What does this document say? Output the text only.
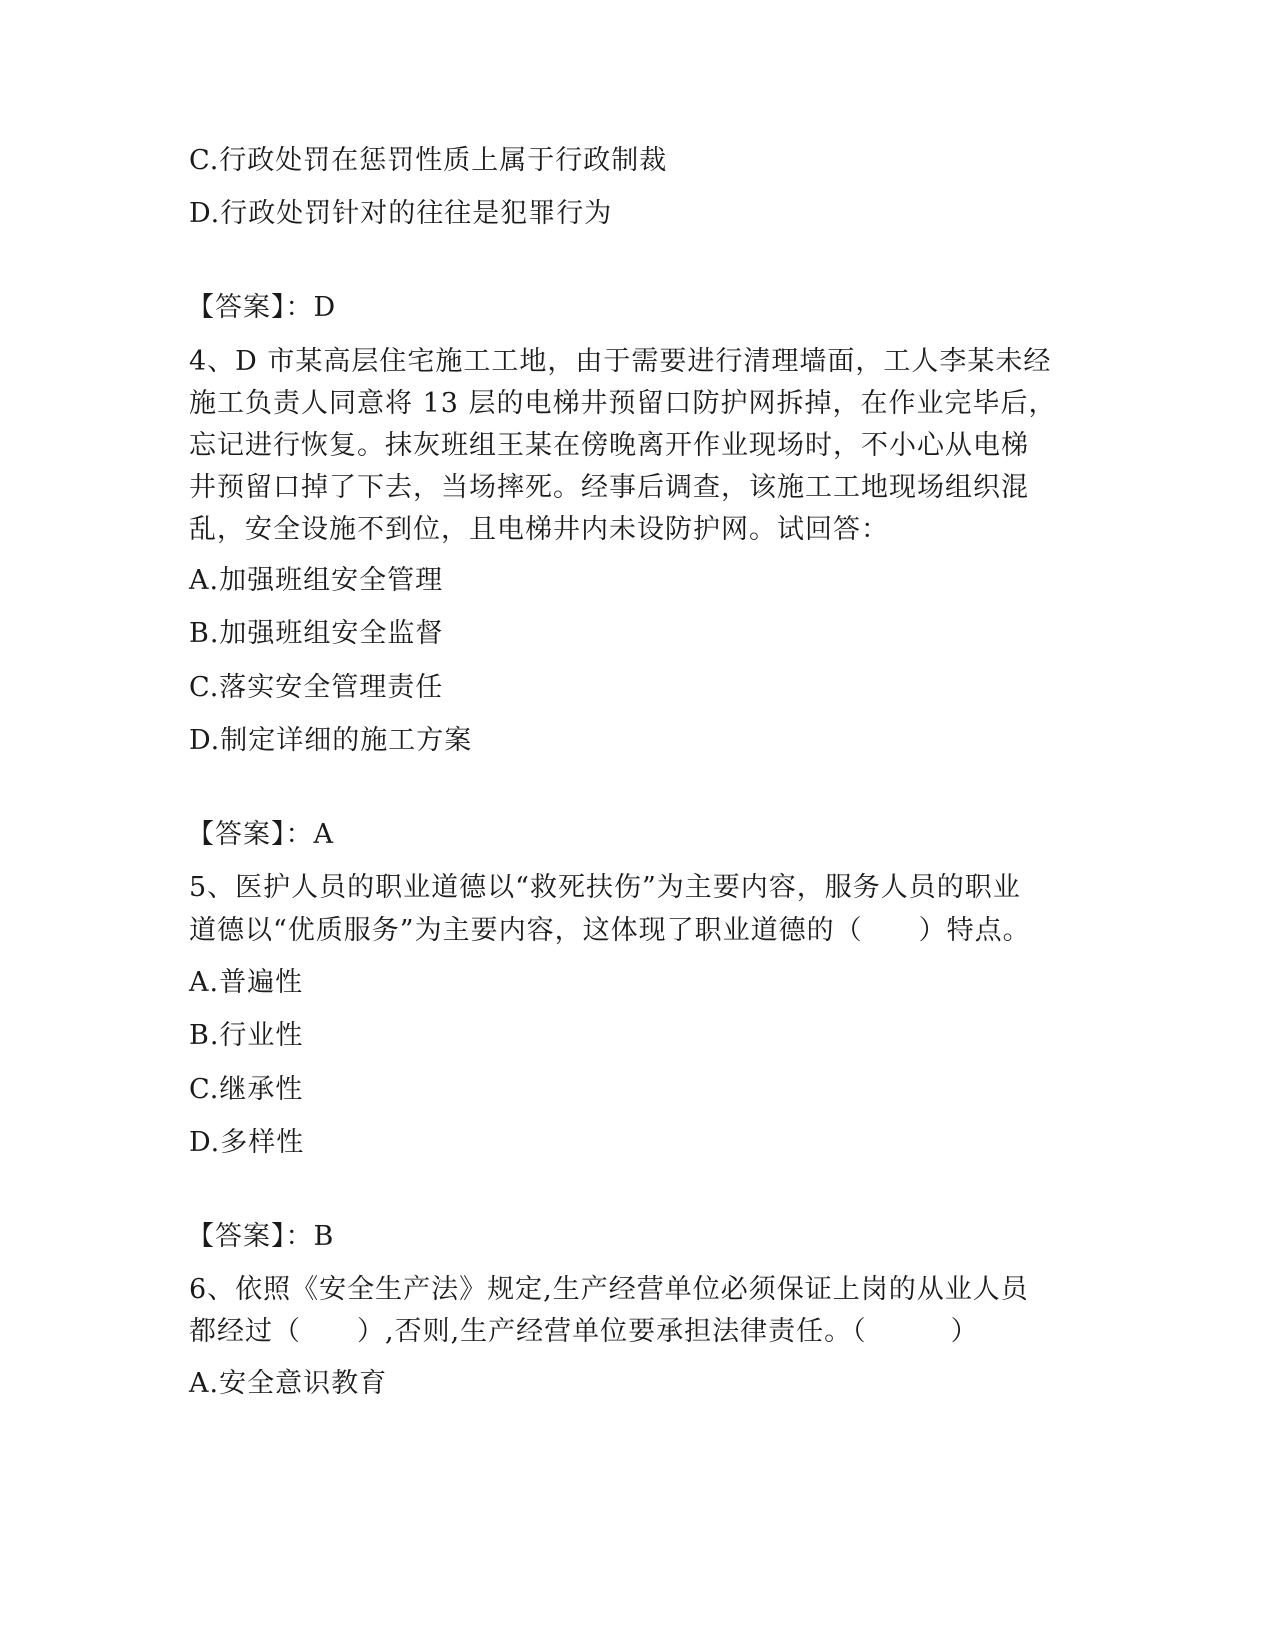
C.行政处罚在惩罚性质上属于行政制裁
D.行政处罚针对的往往是犯罪行为
【答案】：D
4、D 市某高层住宅施工工地，由于需要进行清理墙面，工人李某未经
施工负责人同意将 13 层的电梯井预留口防护网拆掉，在作业完毕后，
忘记进行恢复。抹灰班组王某在傍晚离开作业现场时，不小心从电梯
井预留口掉了下去，当场摔死。经事后调查，该施工工地现场组织混
乱，安全设施不到位，且电梯井内未设防护网。试回答：
A.加强班组安全管理
B.加强班组安全监督
C.落实安全管理责任
D.制定详细的施工方案
【答案】：A
5、医护人员的职业道德以“救死扶伤”为主要内容，服务人员的职业
道德以“优质服务”为主要内容，这体现了职业道德的（　　）特点。
A.普遍性
B.行业性
C.继承性
D.多样性
【答案】：B
6、依照《安全生产法》规定,生产经营单位必须保证上岗的从业人员
都经过（　　）,否则,生产经营单位要承担法律责任。（　　　）
A.安全意识教育
